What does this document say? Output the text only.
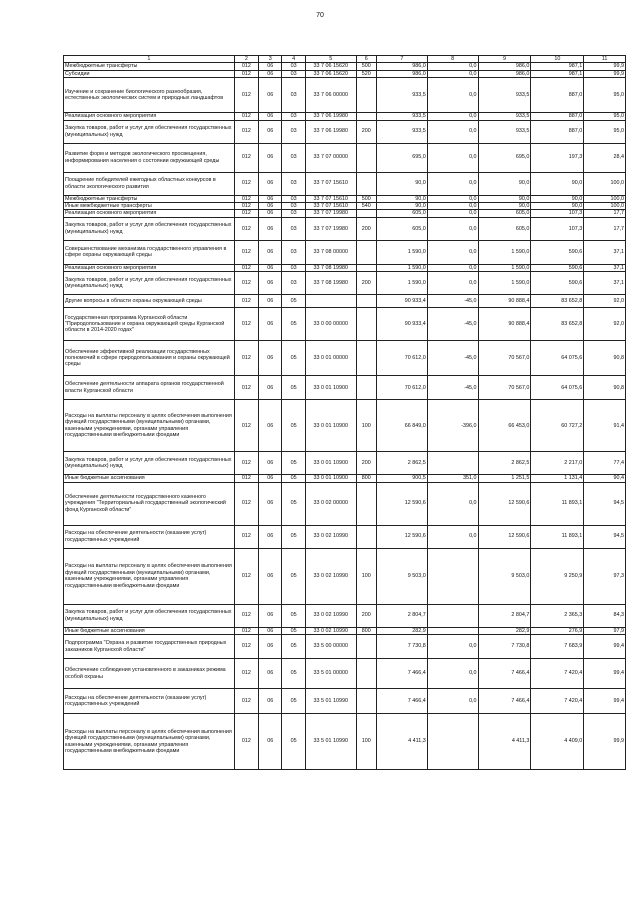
70
1	2	3	4	5	6	7	8	9	10	11
Межбюджетные трансферты	012	06	03	33 7 06 15620	500	986,0	0,0	986,0	987,1	99,9
Субсидии	012	06	03	33 7 06 15620	520	986,0	0,0	986,0	987,1	99,9
Изучение и сохранение биологического разнообразия, естественных экологических систем и природных ландшафтов	012	06	03	33 7 06 00000		933,5	0,0	933,5	887,0	95,0
Реализация основного мероприятия	012	06	03	33 7 06 19980		933,5	0,0	933,5	887,0	95,0
Закупка товаров, работ и услуг для обеспечения государственных (муниципальных) нужд	012	06	03	33 7 06 19980	200	933,5	0,0	933,5	887,0	95,0
Развитие форм и методов экологического просвещения, информирования населения о состоянии окружающей среды	012	06	03	33 7 07 00000		695,0	0,0	695,0	197,3	28,4
Поощрение победителей ежегодных областных конкурсов в области экологического развития	012	06	03	33 7 07 15610		90,0	0,0	90,0	90,0	100,0
Межбюджетные трансферты	012	06	03	33 7 07 15610	500	90,0	0,0	90,0	90,0	100,0
Иные межбюджетные трансферты	012	06	03	33 7 07 15610	540	90,0	0,0	90,0	90,0	100,0
Реализация основного мероприятия	012	06	03	33 7 07 19980		605,0	0,0	605,0	107,3	17,7
Закупка товаров, работ и услуг для обеспечения государственных (муниципальных) нужд	012	06	03	33 7 07 19980	200	605,0	0,0	605,0	107,3	17,7
Совершенствование механизма государственного управления в сфере охраны окружающей среды	012	06	03	33 7 08 00000		1 590,0	0,0	1 590,0	590,6	37,1
Реализация основного мероприятия	012	06	03	33 7 08 19980		1 590,0	0,0	1 590,0	590,6	37,1
Закупка товаров, работ и услуг для обеспечения государственных (муниципальных) нужд	012	06	03	33 7 08 19980	200	1 590,0	0,0	1 590,0	590,6	37,1
Другие вопросы в области охраны окружающей среды	012	06	05			90 933,4	-45,0	90 888,4	83 652,8	92,0
Государственная программа Курганской области "Природопользование и охрана окружающей среды Курганской области в 2014-2020 годах"	012	06	05	33 0 00 00000		90 933,4	-45,0	90 888,4	83 652,8	92,0
Обеспечение эффективной реализации государственных полномочий в сфере природопользования и охраны окружающей среды	012	06	05	33 0 01 00000		70 612,0	-45,0	70 567,0	64 075,6	90,8
Обеспечение деятельности аппарата органов государственной власти Курганской области	012	06	05	33 0 01 10900		70 612,0	-45,0	70 567,0	64 075,6	90,8
Расходы на выплаты персоналу в целях обеспечения выполнения функций государственными (муниципальными) органами, казенными учреждениями, органами управления государственными внебюджетными фондами	012	06	05	33 0 01 10900	100	66 849,0	-396,0	66 453,0	60 727,2	91,4
Закупка товаров, работ и услуг для обеспечения государственных (муниципальных) нужд	012	06	05	33 0 01 10900	200	2 862,5		2 862,5	2 217,0	77,4
Иные бюджетные ассигнования	012	06	05	33 0 01 10900	800	900,5	351,0	1 251,5	1 131,4	90,4
Обеспечение деятельности государственного казенного учреждения "Территориальный государственный экологический фонд Курганской области"	012	06	05	33 0 02 00000		12 590,6	0,0	12 590,6	11 893,1	94,5
Расходы на обеспечение деятельности (оказание услуг) государственных учреждений	012	06	05	33 0 02 10990		12 590,6	0,0	12 590,6	11 893,1	94,5
Расходы на выплаты персоналу в целях обеспечения выполнения функций государственными (муниципальными) органами, казенными учреждениями, органами управления государственными внебюджетными фондами	012	06	05	33 0 02 10990	100	9 503,0		9 503,0	9 250,9	97,3
Закупка товаров, работ и услуг для обеспечения государственных (муниципальных) нужд	012	06	05	33 0 02 10990	200	2 804,7		2 804,7	2 365,3	84,3
Иные бюджетные ассигнования	012	06	05	33 0 02 10990	800	282,9		282,9	276,9	97,9
Подпрограмма "Охрана и развитие государственных природных заказников Курганской области"	012	06	05	33 5 00 00000		7 730,8	0,0	7 730,8	7 683,9	99,4
Обеспечение соблюдения установленного в заказниках режима особой охраны	012	06	05	33 5 01 00000		7 466,4	0,0	7 466,4	7 420,4	99,4
Расходы на обеспечение деятельности (оказание услуг) государственных учреждений	012	06	05	33 5 01 10990		7 466,4	0,0	7 466,4	7 420,4	99,4
Расходы на выплаты персоналу в целях обеспечения выполнения функций государственными (муниципальными) органами, казенными учреждениями, органами управления государственными внебюджетными фондами	012	06	05	33 5 01 10990	100	4 411,3		4 411,3	4 409,0	99,9
